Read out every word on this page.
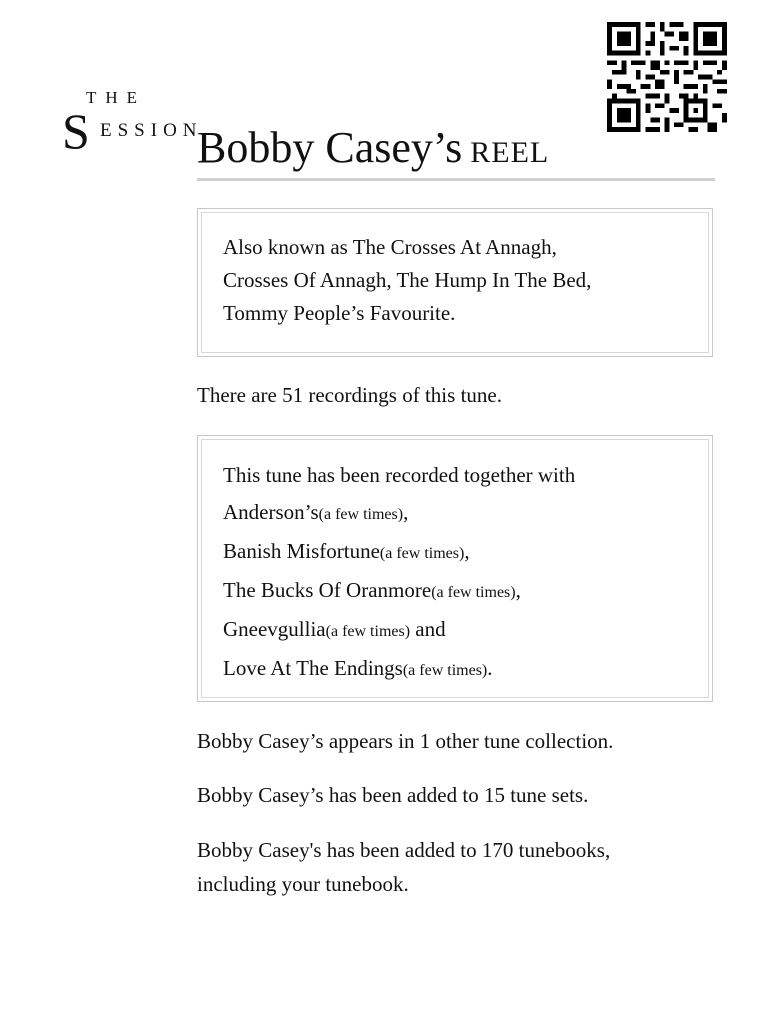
THE
S ESSION
Bobby Casey’s REEL
Also known as The Crosses At Annagh,
Crosses Of Annagh, The Hump In The Bed,
Tommy People’s Favourite.
There are 51 recordings of this tune.
This tune has been recorded together with
Anderson’s(a few times),
Banish Misfortune(a few times),
The Bucks Of Oranmore(a few times),
Gneevgullia(a few times) and
Love At The Endings(a few times).
Bobby Casey’s appears in 1 other tune collection.
Bobby Casey’s has been added to 15 tune sets.
Bobby Casey's has been added to 170 tunebooks,
including your tunebook.
